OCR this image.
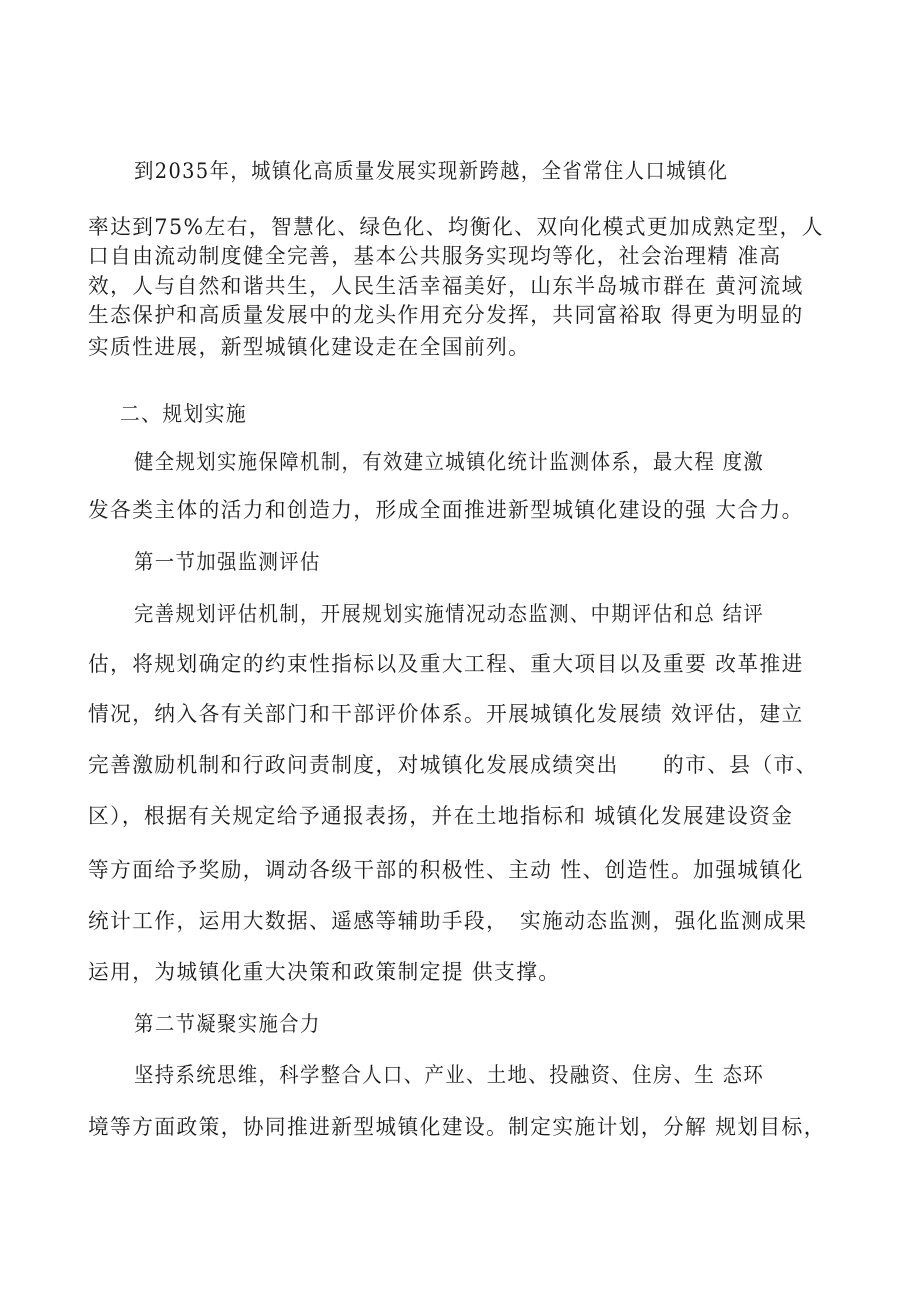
到2035年，城镇化高质量发展实现新跨越，全省常住人口城镇化
率达到75%左右，智慧化、绿色化、均衡化、双向化模式更加成熟定型，人
口自由流动制度健全完善，基本公共服务实现均等化，社会治理精 准高
效，人与自然和谐共生，人民生活幸福美好，山东半岛城市群在 黄河流域
生态保护和高质量发展中的龙头作用充分发挥，共同富裕取 得更为明显的
实质性进展，新型城镇化建设走在全国前列。
二、规划实施
健全规划实施保障机制，有效建立城镇化统计监测体系，最大程 度激
发各类主体的活力和创造力，形成全面推进新型城镇化建设的强 大合力。
第一节加强监测评估
完善规划评估机制，开展规划实施情况动态监测、中期评估和总 结评
估，将规划确定的约束性指标以及重大工程、重大项目以及重要 改革推进
情况，纳入各有关部门和干部评价体系。开展城镇化发展绩 效评估，建立
完善激励机制和行政问责制度，对城镇化发展成绩突出　　的市、县（市、
区），根据有关规定给予通报表扬，并在土地指标和 城镇化发展建设资金
等方面给予奖励，调动各级干部的积极性、主动 性、创造性。加强城镇化
统计工作，运用大数据、遥感等辅助手段，　实施动态监测，强化监测成果
运用，为城镇化重大决策和政策制定提 供支撑。
第二节凝聚实施合力
坚持系统思维，科学整合人口、产业、土地、投融资、住房、生 态环
境等方面政策，协同推进新型城镇化建设。制定实施计划，分解 规划目标，
